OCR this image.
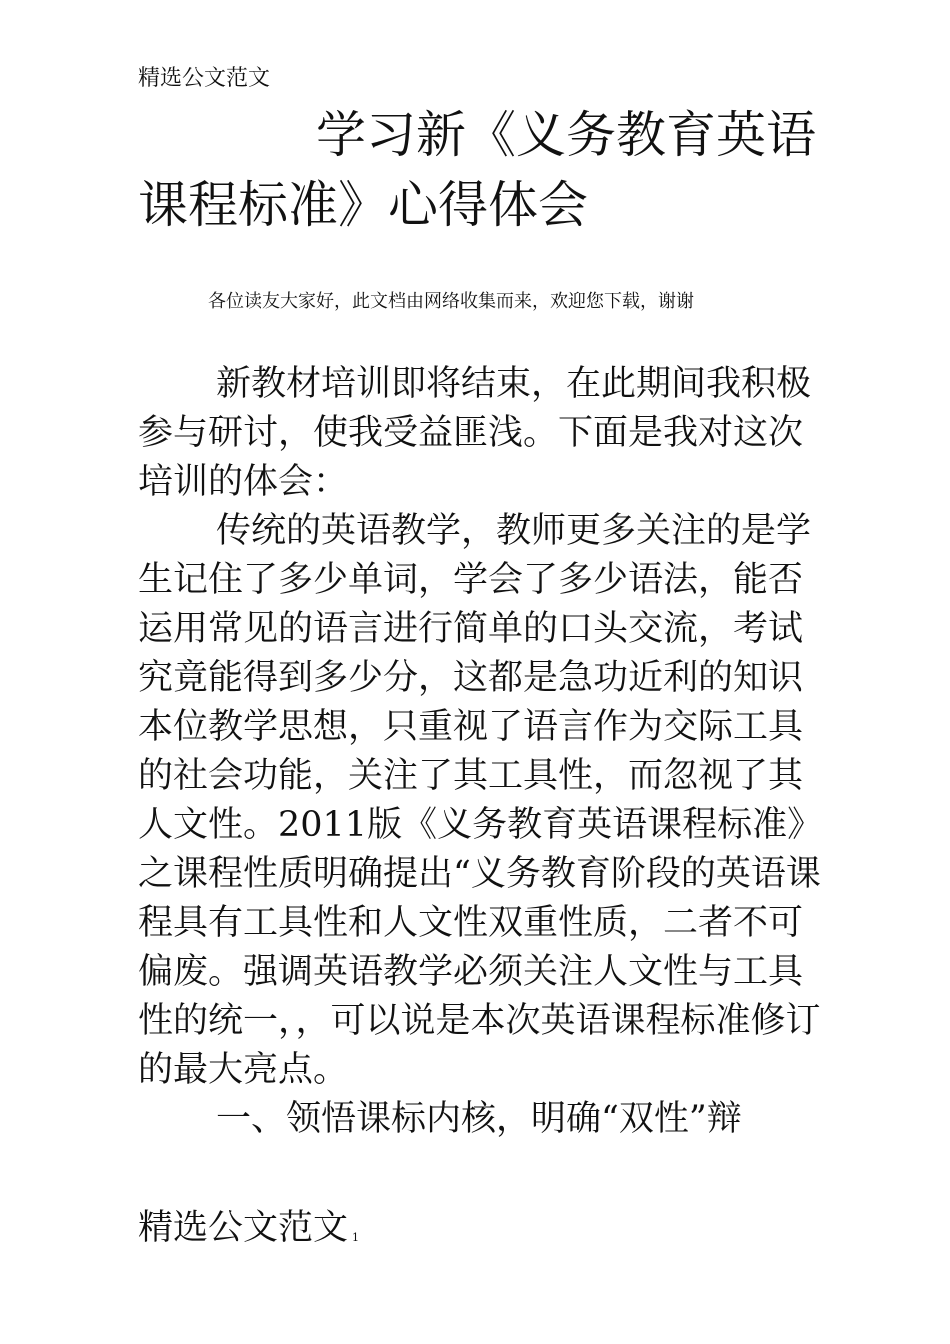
精选公文范文
学习新《义务教育英语课程标准》心得体会
各位读友大家好，此文档由网络收集而来，欢迎您下载，谢谢

新教材培训即将结束，在此期间我积极参与研讨，使我受益匪浅。下面是我对这次培训的体会：

传统的英语教学，教师更多关注的是学生记住了多少单词，学会了多少语法，能否运用常见的语言进行简单的口头交流，考试究竟能得到多少分，这都是急功近利的知识本位教学思想，只重视了语言作为交际工具的社会功能，关注了其工具性，而忽视了其人文性。2011版《义务教育英语课程标准》之课程性质明确提出“义务教育阶段的英语课程具有工具性和人文性双重性质，二者不可偏废。强调英语教学必须关注人文性与工具性的统一，，可以说是本次英语课程标准修订的最大亮点。

一、领悟课标内核，明确“双性”辩

精选公文范文 1
